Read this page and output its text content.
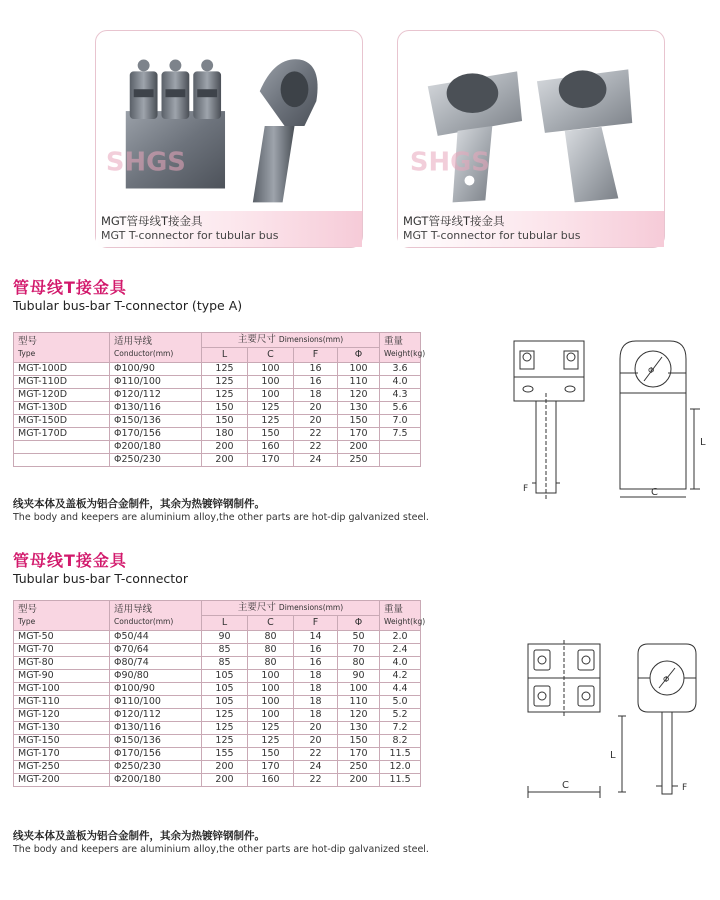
SHGS
MGT管母线T接金具
MGT T-connector for tubular bus
SHGS
MGT管母线T接金具
MGT T-connector for tubular bus
管母线T接金具
Tubular bus-bar T-connector (type A)
型号
Type	适用导线
Conductor(mm)	主要尺寸 Dimensions(mm)				重量
Weight(kg)

		L	C	F	Φ	
MGT-100D	Φ100/90	125	100	16	100	3.6
MGT-110D	Φ110/100	125	100	16	110	4.0
MGT-120D	Φ120/112	125	100	18	120	4.3
MGT-130D	Φ130/116	150	125	20	130	5.6
MGT-150D	Φ150/136	150	125	20	150	7.0
MGT-170D	Φ170/156	180	150	22	170	7.5
	Φ200/180	200	160	22	200	
	Φ250/230	200	170	24	250	
线夹本体及盖板为铝合金制件，其余为热镀锌钢制件。
The body and keepers are aluminium alloy,the other parts are hot-dip galvanized steel.
L
C
F
Φ
管母线T接金具
Tubular bus-bar T-connector
型号
Type	适用导线
Conductor(mm)	主要尺寸 Dimensions(mm)				重量
Weight(kg)

		L	C	F	Φ	
MGT-50	Φ50/44	90	80	14	50	2.0
MGT-70	Φ70/64	85	80	16	70	2.4
MGT-80	Φ80/74	85	80	16	80	4.0
MGT-90	Φ90/80	105	100	18	90	4.2
MGT-100	Φ100/90	105	100	18	100	4.4
MGT-110	Φ110/100	105	100	18	110	5.0
MGT-120	Φ120/112	125	100	18	120	5.2
MGT-130	Φ130/116	125	125	20	130	7.2
MGT-150	Φ150/136	125	125	20	150	8.2
MGT-170	Φ170/156	155	150	22	170	11.5
MGT-250	Φ250/230	200	170	24	250	12.0
MGT-200	Φ200/180	200	160	22	200	11.5
线夹本体及盖板为铝合金制件，其余为热镀锌钢制件。
The body and keepers are aluminium alloy,the other parts are hot-dip galvanized steel.
L
C	F
Φ
